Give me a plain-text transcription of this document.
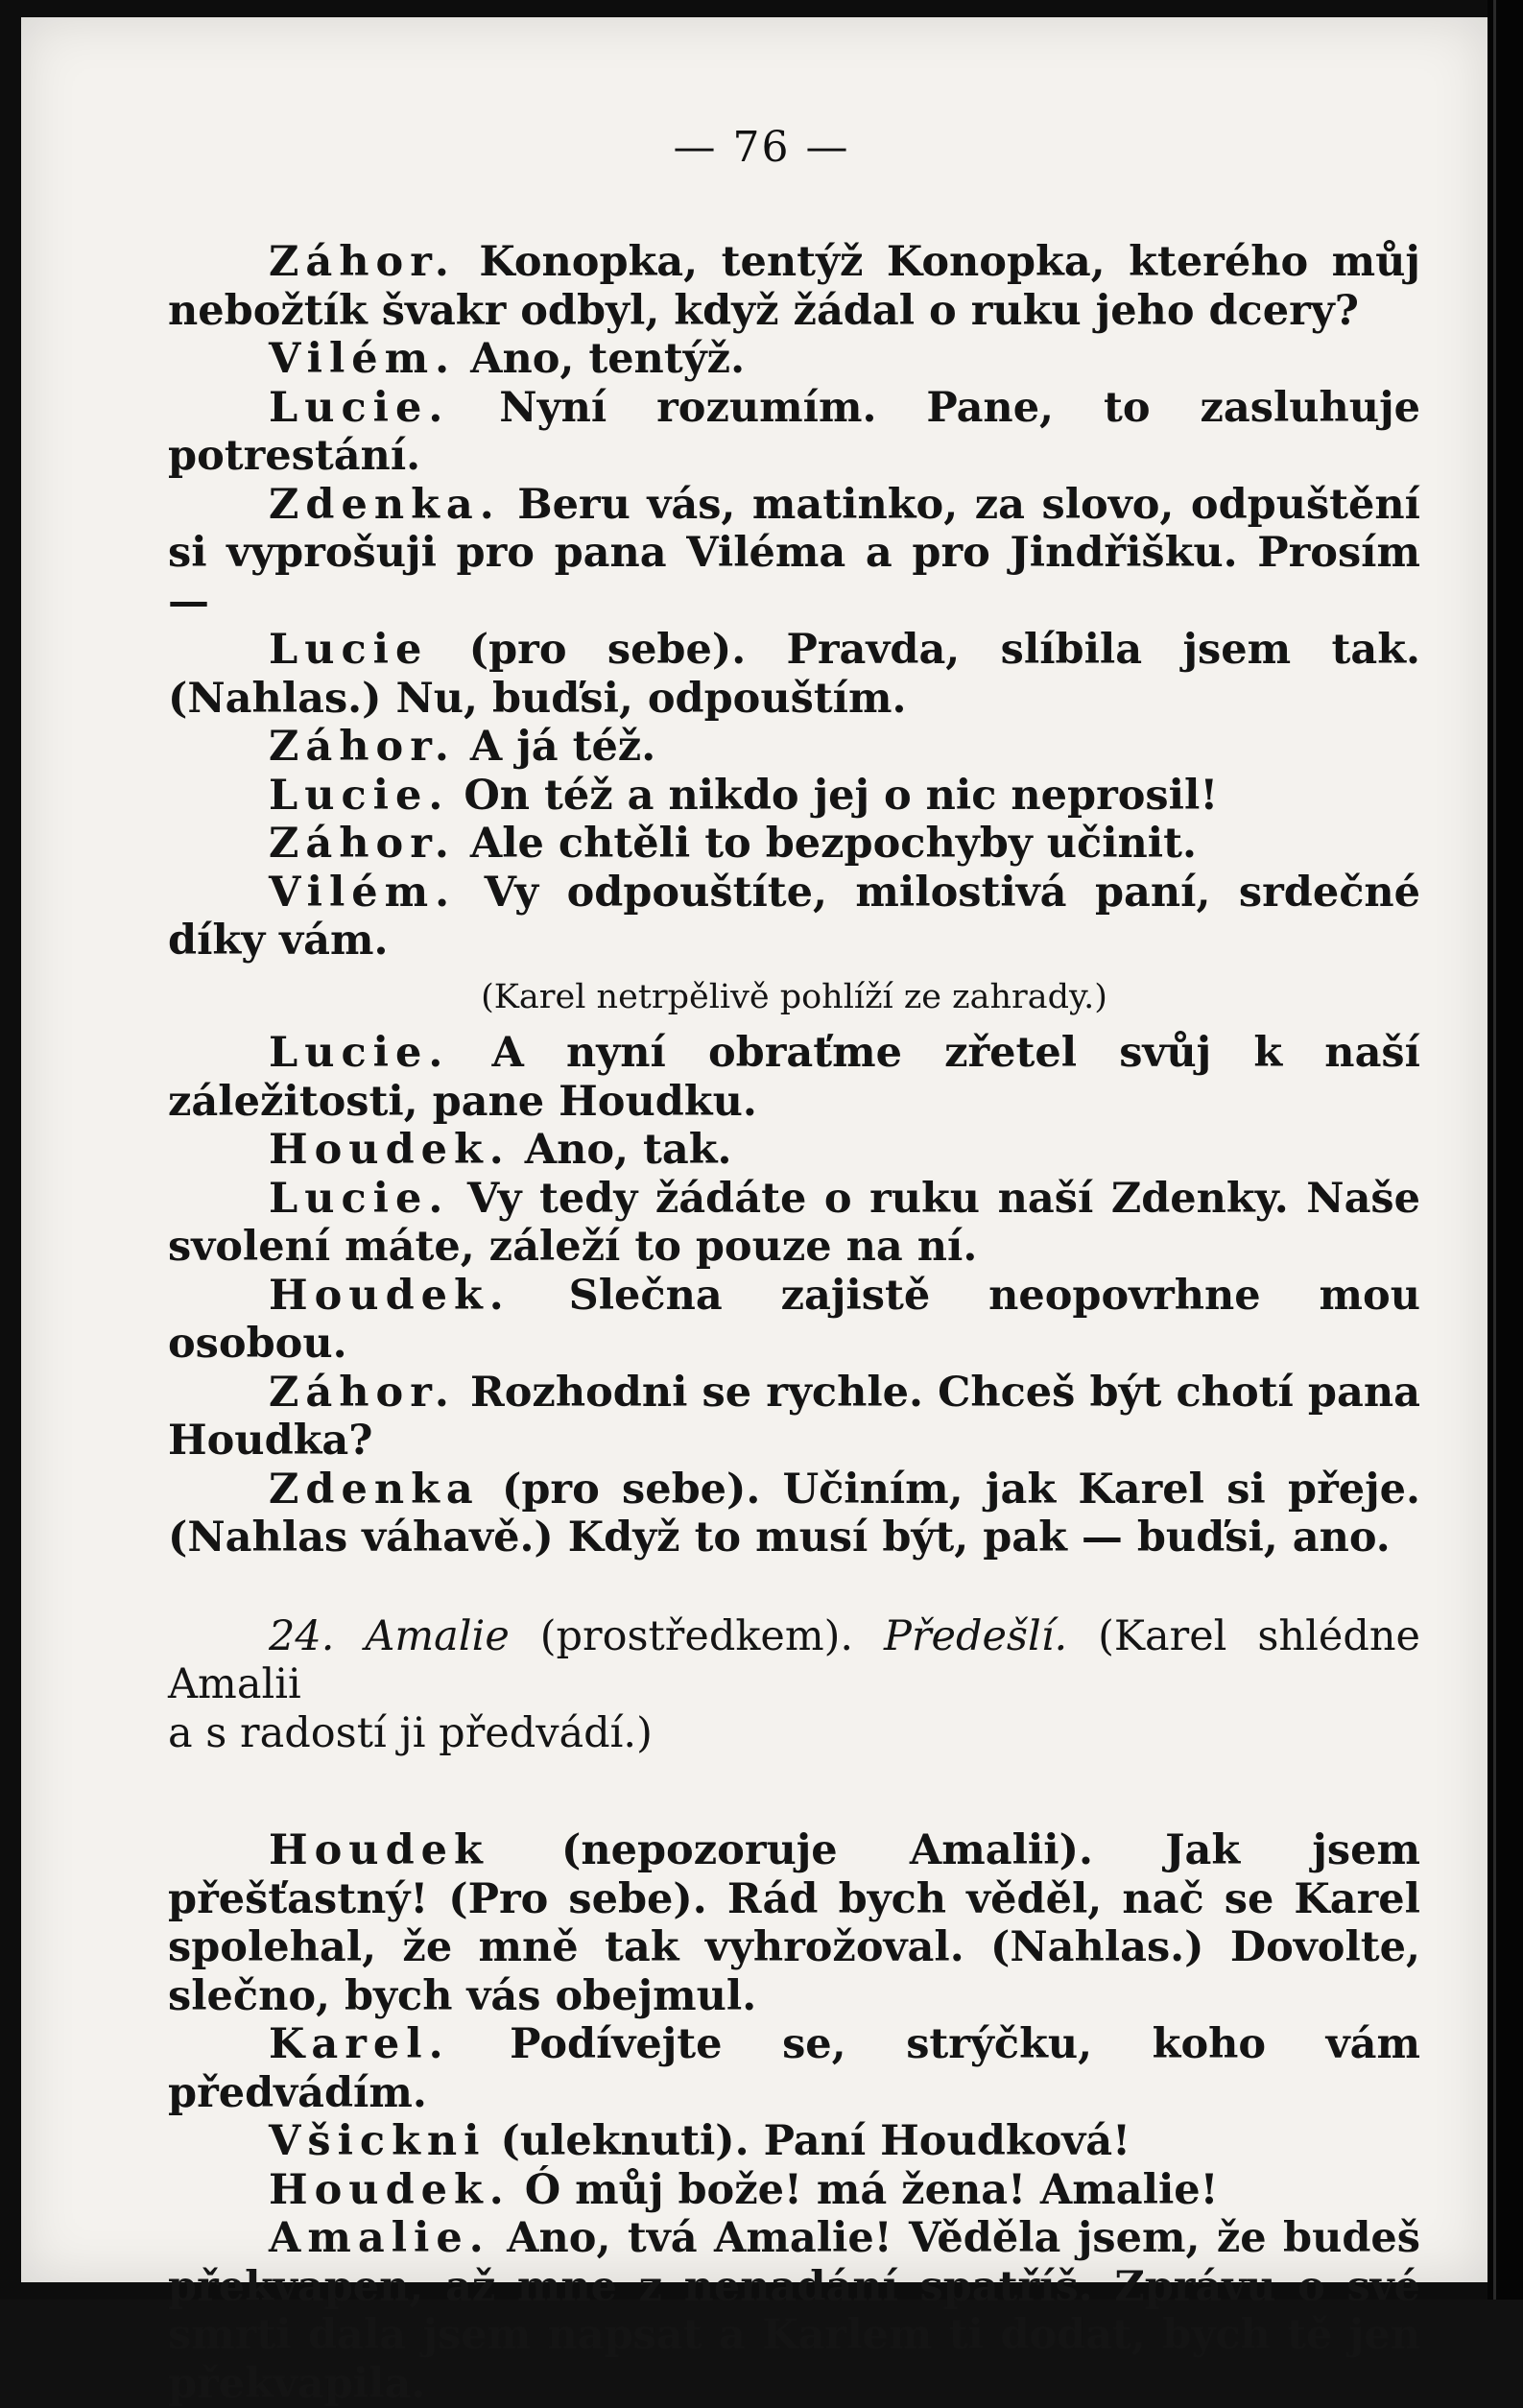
— 76 —

Záhor. Konopka, tentýž Konopka, kterého můj nebožtík švakr odbyl, když žádal o ruku jeho dcery?

Vilém. Ano, tentýž.

Lucie. Nyní rozumím. Pane, to zasluhuje potrestání.

Zdenka. Beru vás, matinko, za slovo, odpuštění si vyprošuji pro pana Viléma a pro Jindřišku. Prosím —

Lucie (pro sebe). Pravda, slíbila jsem tak. (Nahlas.) Nu, buďsi, odpouštím.

Záhor. A já též.

Lucie. On též a nikdo jej o nic neprosil!

Záhor. Ale chtěli to bezpochyby učinit.

Vilém. Vy odpouštíte, milostivá paní, srdečné díky vám.

(Karel netrpělivě pohlíží ze zahrady.)

Lucie. A nyní obraťme zřetel svůj k naší záležitosti, pane Houdku.

Houdek. Ano, tak.

Lucie. Vy tedy žádáte o ruku naší Zdenky. Naše svolení máte, záleží to pouze na ní.

Houdek. Slečna zajistě neopovrhne mou osobou.

Záhor. Rozhodni se rychle. Chceš být chotí pana Houdka?

Zdenka (pro sebe). Učiním, jak Karel si přeje. (Nahlas váhavě.) Když to musí být, pak — buďsi, ano.

24. Amalie (prostředkem). Předešlí. (Karel shlédne Amalii

a s radostí ji předvádí.)

Houdek (nepozoruje Amalii). Jak jsem přešťastný! (Pro sebe). Rád bych věděl, nač se Karel spolehal, že mně tak vyhrožoval. (Nahlas.) Dovolte, slečno, bych vás obejmul.

Karel. Podívejte se, strýčku, koho vám předvádím.

Všickni (uleknuti). Paní Houdková!

Houdek. Ó můj bože! má žena! Amalie!

Amalie. Ano, tvá Amalie! Věděla jsem, že budeš překvapen, až mne z nenadání spatříš. Zprávu o své smrti dala jsem napsat a Karlem ti dodat, bych tě jen překvapila.
